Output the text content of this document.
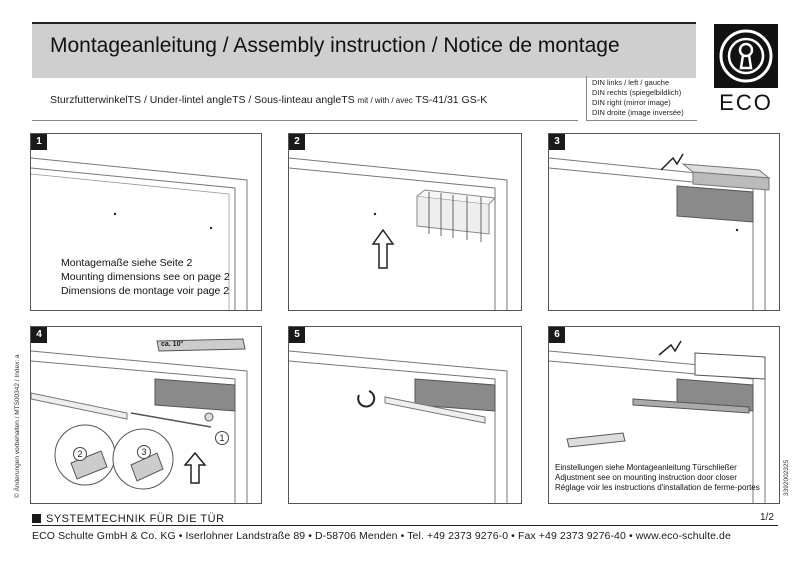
Montageanleitung / Assembly instruction / Notice de montage
SturzfutterwinkelTS / Under-lintel angleTS / Sous-linteau angleTS mit / with / avec TS-41/31 GS-K
DIN links / left / gauche
DIN rechts (spiegelbildlich)
DIN right (mirror image)
DIN droite (image inversée)	ECO
© Änderungen vorbehalten / MTS00342 / Index: a	3392002325
1
Montagemaße siehe Seite 2
Mounting dimensions see on page 2
Dimensions de montage voir page 2
2	3
4
ca. 10°
1
2	3
5	6
Einstellungen siehe Montageanleitung Türschließer
Adjustment see on mounting instruction door closer
Réglage voir les instructions d'installation de ferme-portes
SYSTEMTECHNIK FÜR DIE TÜR	1/2
ECO Schulte GmbH & Co. KG • Iserlohner Landstraße 89 • D-58706 Menden • Tel. +49 2373 9276-0 • Fax +49 2373 9276-40 • www.eco-schulte.de
